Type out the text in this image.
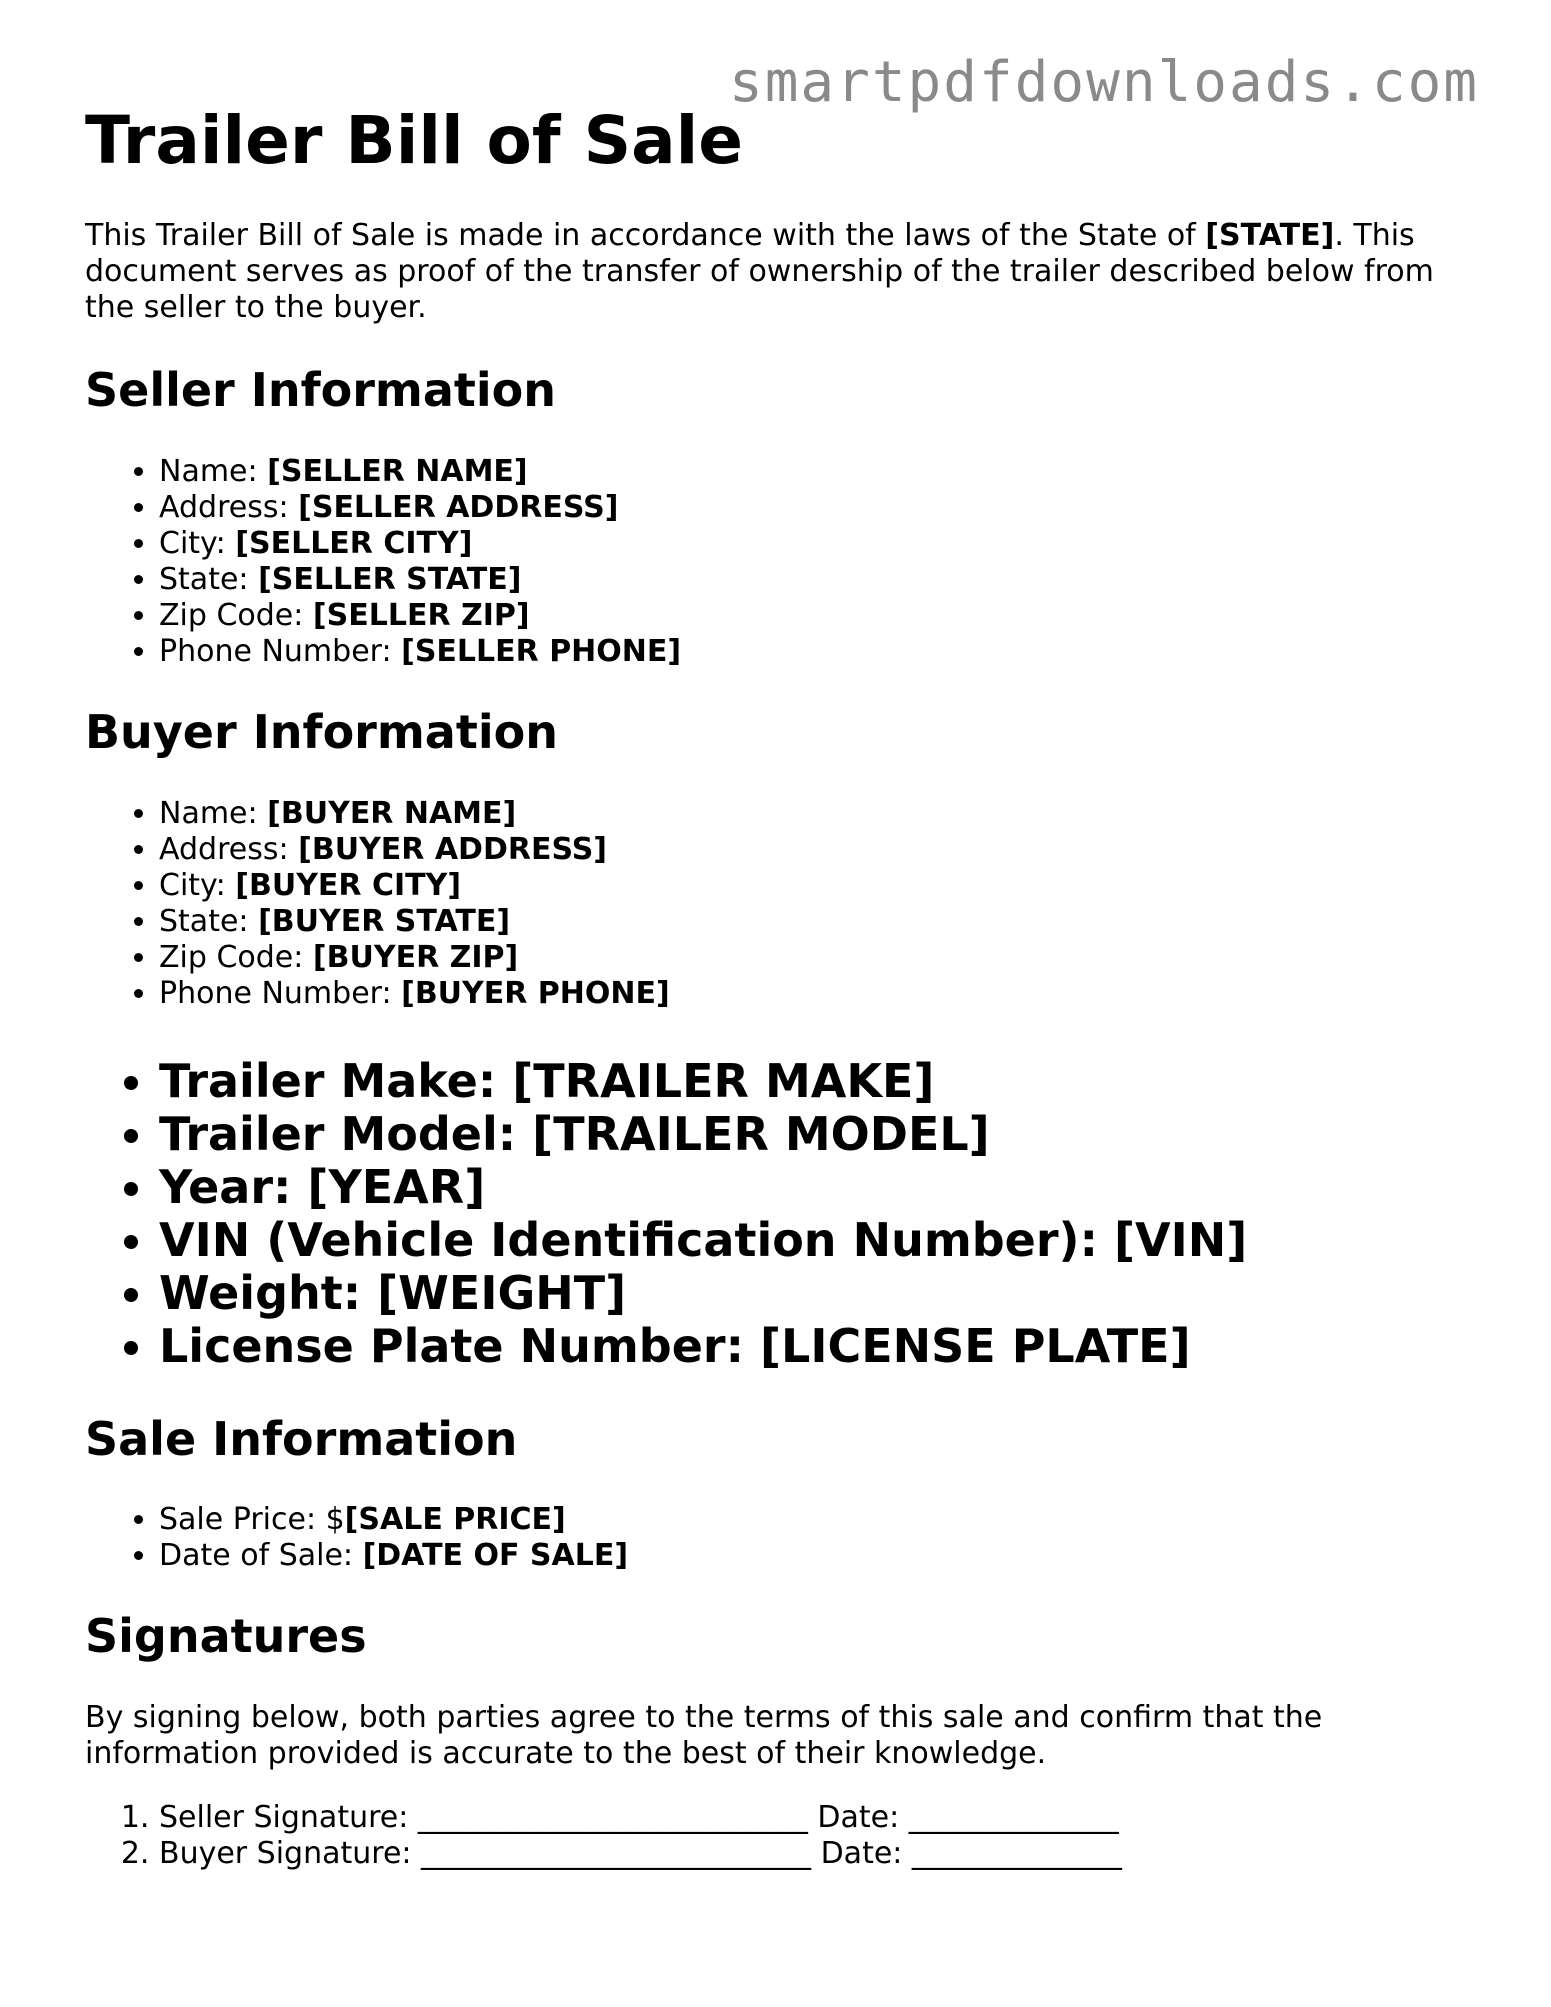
smartpdfdownloads.com

Trailer Bill of Sale

This Trailer Bill of Sale is made in accordance with the laws of the State of [STATE]. This document serves as proof of the transfer of ownership of the trailer described below from the seller to the buyer.

Seller Information
• Name: [SELLER NAME]
• Address: [SELLER ADDRESS]
• City: [SELLER CITY]
• State: [SELLER STATE]
• Zip Code: [SELLER ZIP]
• Phone Number: [SELLER PHONE]
Buyer Information
• Name: [BUYER NAME]
• Address: [BUYER ADDRESS]
• City: [BUYER CITY]
• State: [BUYER STATE]
• Zip Code: [BUYER ZIP]
• Phone Number: [BUYER PHONE]
• Trailer Make: [TRAILER MAKE]
• Trailer Model: [TRAILER MODEL]
• Year: [YEAR]
• VIN (Vehicle Identification Number): [VIN]
• Weight: [WEIGHT]
• License Plate Number: [LICENSE PLATE]
Sale Information
• Sale Price: $[SALE PRICE]
• Date of Sale: [DATE OF SALE]
Signatures

By signing below, both parties agree to the terms of this sale and confirm that the information provided is accurate to the best of their knowledge.

1. Seller Signature: __________________________ Date: ______________
2. Buyer Signature: __________________________ Date: ______________
